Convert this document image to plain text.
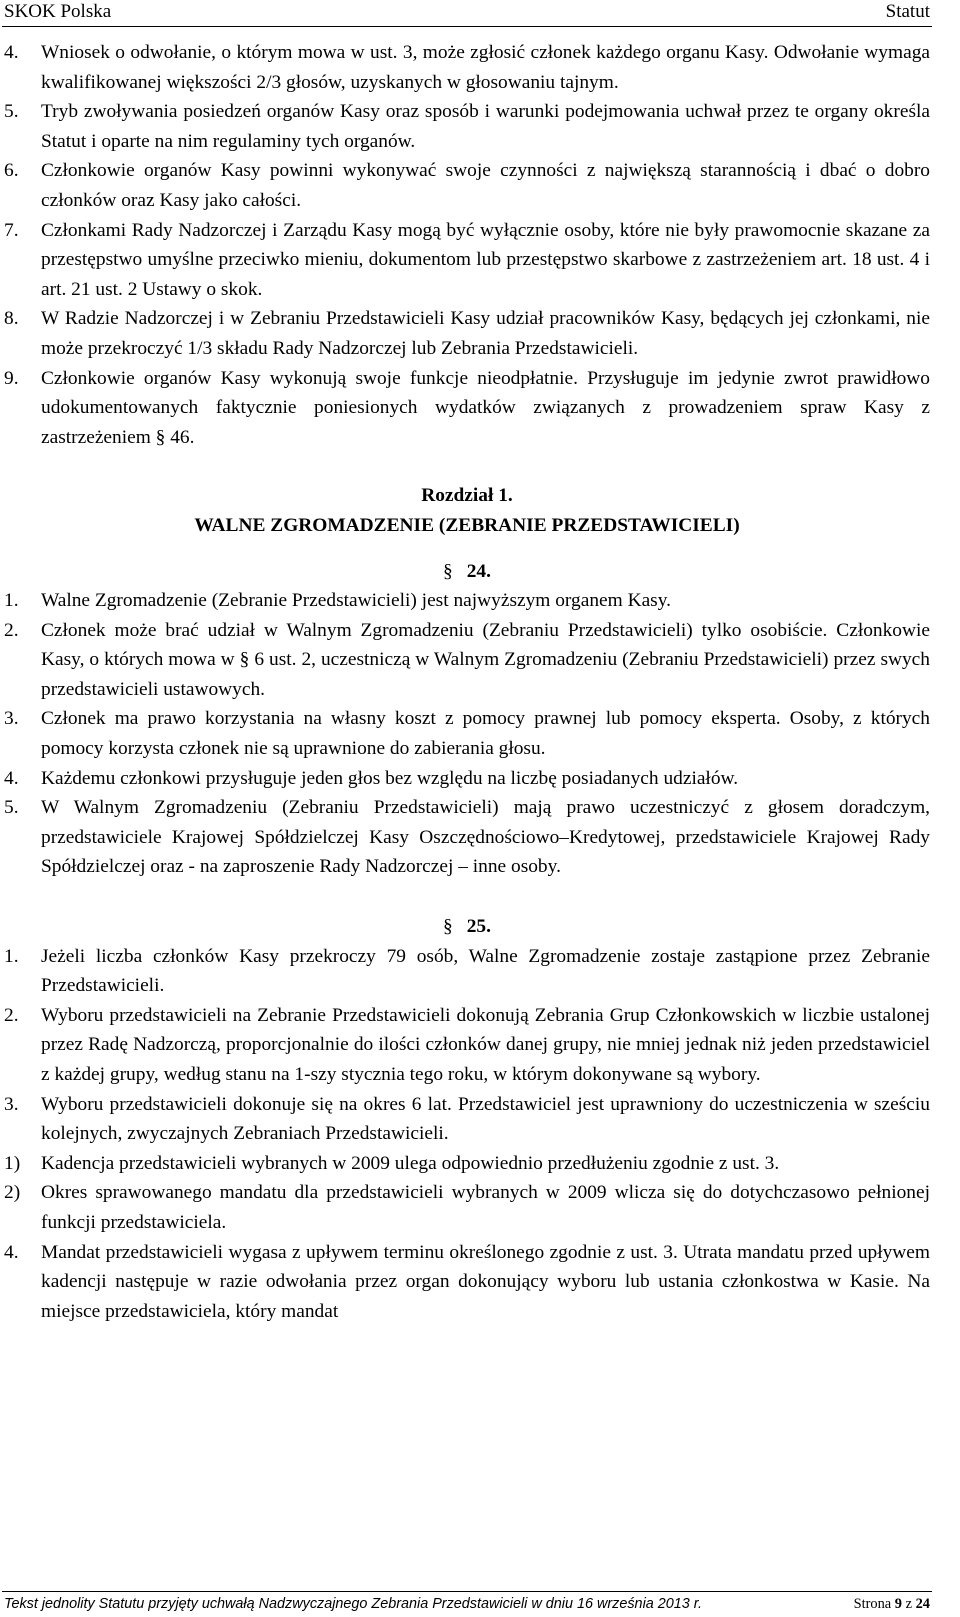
SKOK Polska	Statut
4. Wniosek o odwołanie, o którym mowa w ust. 3, może zgłosić członek każdego organu Kasy. Odwołanie wymaga kwalifikowanej większości 2/3 głosów, uzyskanych w głosowaniu tajnym.
5. Tryb zwoływania posiedzeń organów Kasy oraz sposób i warunki podejmowania uchwał przez te organy określa Statut i oparte na nim regulaminy tych organów.
6. Członkowie organów Kasy powinni wykonywać swoje czynności z największą starannością i dbać o dobro członków oraz Kasy jako całości.
7. Członkami Rady Nadzorczej i Zarządu Kasy mogą być wyłącznie osoby, które nie były prawomocnie skazane za przestępstwo umyślne przeciwko mieniu, dokumentom lub przestępstwo skarbowe z zastrzeżeniem art. 18 ust. 4 i art. 21 ust. 2 Ustawy o skok.
8. W Radzie Nadzorczej i w Zebraniu Przedstawicieli Kasy udział pracowników Kasy, będących jej członkami, nie może przekroczyć 1/3 składu Rady Nadzorczej lub Zebrania Przedstawicieli.
9. Członkowie organów Kasy wykonują swoje funkcje nieodpłatnie. Przysługuje im jedynie zwrot prawidłowo udokumentowanych faktycznie poniesionych wydatków związanych z prowadzeniem spraw Kasy z zastrzeżeniem § 46.
Rozdział 1.
WALNE ZGROMADZENIE (ZEBRANIE PRZEDSTAWICIELI)
§ 24.
1. Walne Zgromadzenie (Zebranie Przedstawicieli) jest najwyższym organem Kasy.
2. Członek może brać udział w Walnym Zgromadzeniu (Zebraniu Przedstawicieli) tylko osobiście. Członkowie Kasy, o których mowa w § 6 ust. 2, uczestniczą w Walnym Zgromadzeniu (Zebraniu Przedstawicieli) przez swych przedstawicieli ustawowych.
3. Członek ma prawo korzystania na własny koszt z pomocy prawnej lub pomocy eksperta. Osoby, z których pomocy korzysta członek nie są uprawnione do zabierania głosu.
4. Każdemu członkowi przysługuje jeden głos bez względu na liczbę posiadanych udziałów.
5. W Walnym Zgromadzeniu (Zebraniu Przedstawicieli) mają prawo uczestniczyć z głosem doradczym, przedstawiciele Krajowej Spółdzielczej Kasy Oszczędnościowo–Kredytowej, przedstawiciele Krajowej Rady Spółdzielczej oraz - na zaproszenie Rady Nadzorczej – inne osoby.
§ 25.
1. Jeżeli liczba członków Kasy przekroczy 79 osób, Walne Zgromadzenie zostaje zastąpione przez Zebranie Przedstawicieli.
2. Wyboru przedstawicieli na Zebranie Przedstawicieli dokonują Zebrania Grup Członkowskich w liczbie ustalonej przez Radę Nadzorczą, proporcjonalnie do ilości członków danej grupy, nie mniej jednak niż jeden przedstawiciel z każdej grupy, według stanu na 1-szy stycznia tego roku, w którym dokonywane są wybory.
3. Wyboru przedstawicieli dokonuje się na okres 6 lat. Przedstawiciel jest uprawniony do uczestniczenia w sześciu kolejnych, zwyczajnych Zebraniach Przedstawicieli.
1) Kadencja przedstawicieli wybranych w 2009 ulega odpowiednio przedłużeniu zgodnie z ust. 3.
2) Okres sprawowanego mandatu dla przedstawicieli wybranych w 2009 wlicza się do dotychczasowo pełnionej funkcji przedstawiciela.
4. Mandat przedstawicieli wygasa z upływem terminu określonego zgodnie z ust. 3. Utrata mandatu przed upływem kadencji następuje w razie odwołania przez organ dokonujący wyboru lub ustania członkostwa w Kasie. Na miejsce przedstawiciela, który mandat
Tekst jednolity Statutu przyjęty uchwałą Nadzwyczajnego Zebrania Przedstawicieli w dniu 16 września 2013 r.	Strona 9 z 24
